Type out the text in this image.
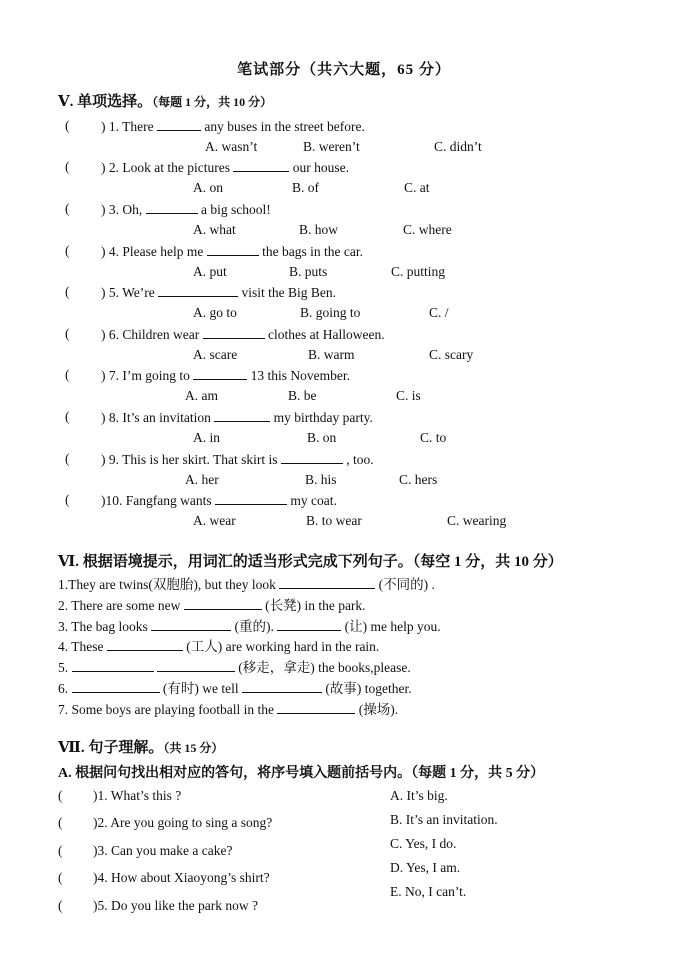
笔试部分（共六大题，65 分）
Ⅴ. 单项选择。（每题 1 分，共 10 分）
( ) 1. There	any buses in the street before.
A. wasn’t	B. weren’t	C. didn’t
( ) 2. Look at the pictures	our house.
A. on	B. of	C. at
( ) 3. Oh,	a big school!
A. what	B. how	C. where
( ) 4. Please help me	the bags in the car.
A. put	B. puts	C. putting
( ) 5. We’re	visit the Big Ben.
A. go to	B. going to	C. /
( ) 6. Children wear	clothes at Halloween.
A. scare	B. warm	C. scary
( ) 7. I’m going to	13 this November.
A. am	B. be	C. is
( ) 8. It’s an invitation	my birthday party.
A. in	B. on	C. to
( ) 9. This is her skirt. That skirt is	, too.
A. her	B. his	C. hers
( )10. Fangfang wants	my coat.
A. wear	B. to wear	C. wearing
Ⅵ. 根据语境提示，用词汇的适当形式完成下列句子。（每空 1 分，共 10 分）
1.They are twins(双胞胎), but they look	(不同的) .
2. There are some new	(长凳) in the park.
3. The bag looks	(重的).	(让) me help you.
4. These	(工人) are working hard in the rain.
5.	(移走，拿走) the books,please.
6.	(有时) we tell	(故事) together.
7. Some boys are playing football in the	(操场).
Ⅶ. 句子理解。（共 15 分）
A. 根据问句找出相对应的答句，将序号填入题前括号内。（每题 1 分，共 5 分）
( )1. What’s this ?
( )2. Are you going to sing a song?
( )3. Can you make a cake?
( )4. How about Xiaoyong’s shirt?
( )5. Do you like the park now ?
A. It’s big.
B. It’s an invitation.
C. Yes, I do.
D. Yes, I am.
E. No, I can’t.
